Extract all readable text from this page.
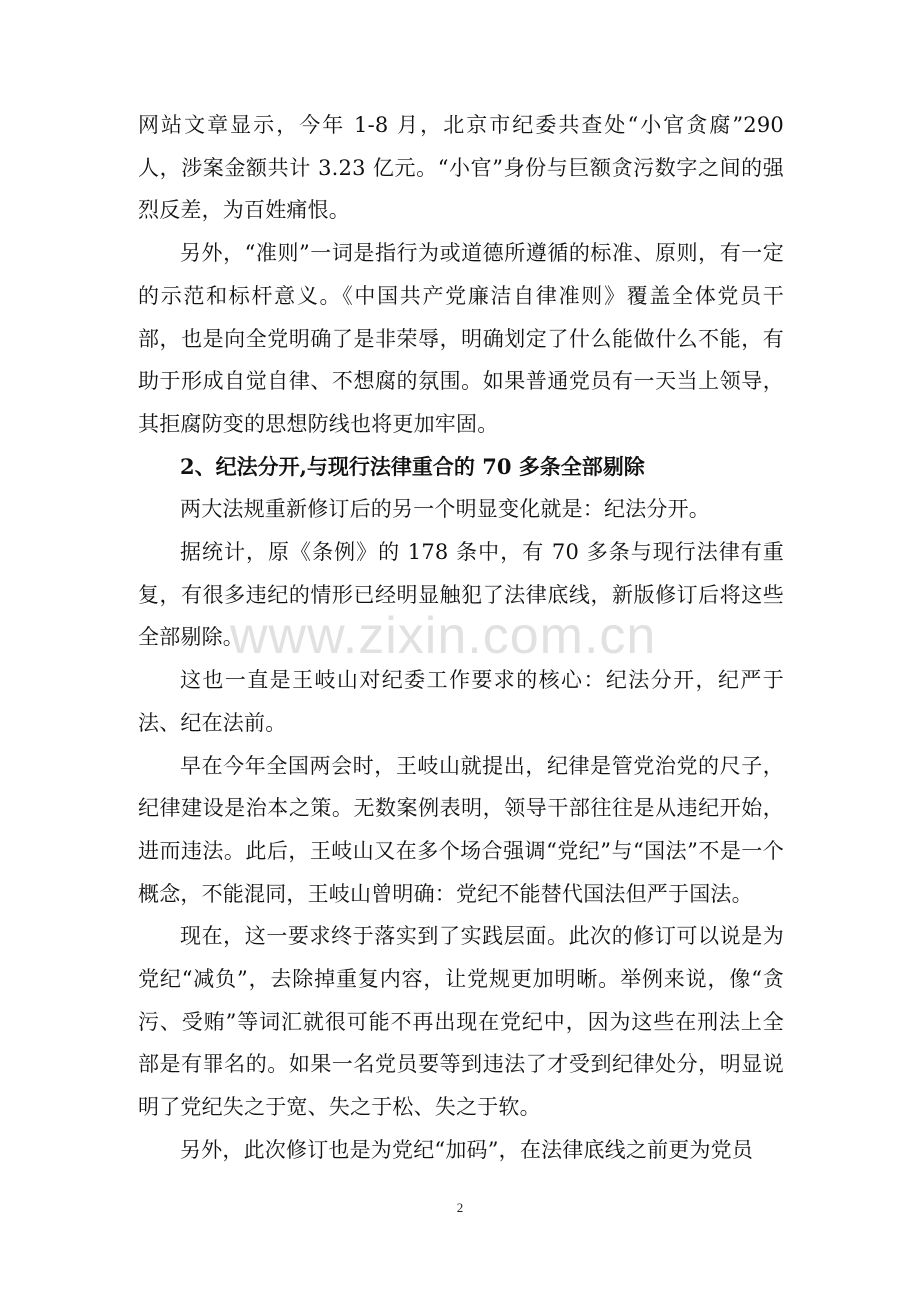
网站文章显示，今年 1-8 月，北京市纪委共查处“小官贪腐”290 人，涉案金额共计 3.23 亿元。“小官”身份与巨额贪污数字之间的强烈反差，为百姓痛恨。

另外，“准则”一词是指行为或道德所遵循的标准、原则，有一定的示范和标杆意义。《中国共产党廉洁自律准则》覆盖全体党员干部，也是向全党明确了是非荣辱，明确划定了什么能做什么不能，有助于形成自觉自律、不想腐的氛围。如果普通党员有一天当上领导，其拒腐防变的思想防线也将更加牢固。

2、纪法分开,与现行法律重合的 70 多条全部剔除

两大法规重新修订后的另一个明显变化就是：纪法分开。

据统计，原《条例》的 178 条中，有 70 多条与现行法律有重复，有很多违纪的情形已经明显触犯了法律底线，新版修订后将这些全部剔除。

这也一直是王岐山对纪委工作要求的核心：纪法分开，纪严于法、纪在法前。

早在今年全国两会时，王岐山就提出，纪律是管党治党的尺子，纪律建设是治本之策。无数案例表明，领导干部往往是从违纪开始，进而违法。此后，王岐山又在多个场合强调“党纪”与“国法”不是一个概念，不能混同，王岐山曾明确：党纪不能替代国法但严于国法。

现在，这一要求终于落实到了实践层面。此次的修订可以说是为党纪“减负”，去除掉重复内容，让党规更加明晰。举例来说，像“贪污、受贿”等词汇就很可能不再出现在党纪中，因为这些在刑法上全部是有罪名的。如果一名党员要等到违法了才受到纪律处分，明显说明了党纪失之于宽、失之于松、失之于软。

另外，此次修订也是为党纪“加码”，在法律底线之前更为党员

www.zixin.com.cn
2
